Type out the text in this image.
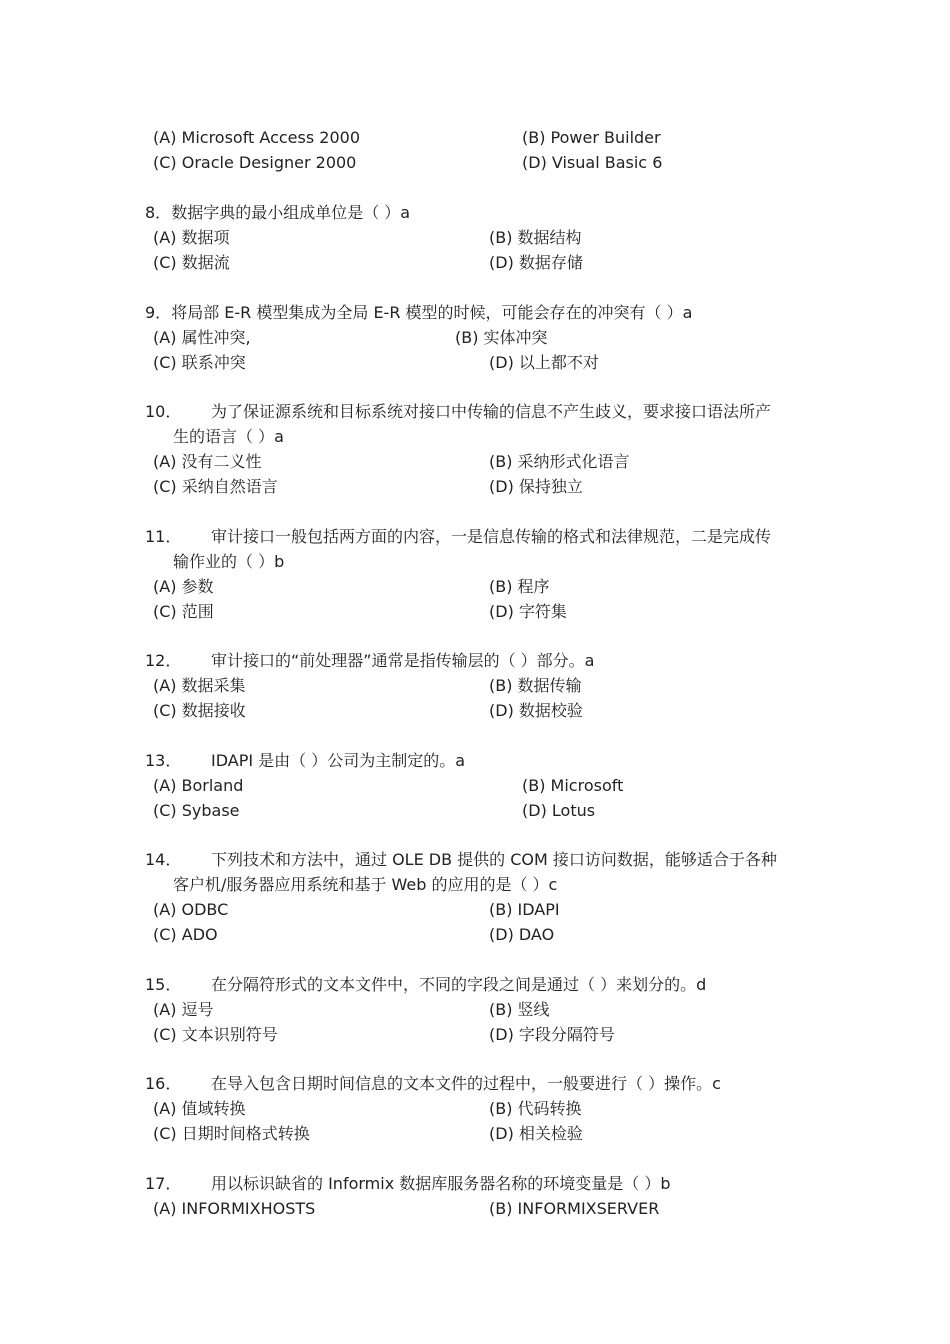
(A) Microsoft Access 2000	(B) Power Builder
(C) Oracle Designer 2000	(D) Visual Basic 6
8．数据字典的最小组成单位是（ ）a
(A) 数据项	(B) 数据结构
(C) 数据流	(D) 数据存储
9．将局部 E-R 模型集成为全局 E-R 模型的时候，可能会存在的冲突有（ ）a
(A) 属性冲突,	(B) 实体冲突
(C) 联系冲突	(D) 以上都不对
10． 为了保证源系统和目标系统对接口中传输的信息不产生歧义，要求接口语法所产
生的语言（ ）a
(A) 没有二义性	(B) 采纳形式化语言
(C) 采纳自然语言	(D) 保持独立
11． 审计接口一般包括两方面的内容，一是信息传输的格式和法律规范，二是完成传
输作业的（ ）b
(A) 参数	(B) 程序
(C) 范围	(D) 字符集
12． 审计接口的“前处理器”通常是指传输层的（ ）部分。a
(A) 数据采集	(B) 数据传输
(C) 数据接收	(D) 数据校验
13． IDAPI 是由（ ）公司为主制定的。a
(A) Borland	(B) Microsoft
(C) Sybase	(D) Lotus
14． 下列技术和方法中，通过 OLE DB 提供的 COM 接口访问数据，能够适合于各种
客户机/服务器应用系统和基于 Web 的应用的是（ ）c
(A) ODBC	(B) IDAPI
(C) ADO	(D) DAO
15． 在分隔符形式的文本文件中，不同的字段之间是通过（ ）来划分的。d
(A) 逗号	(B) 竖线
(C) 文本识别符号	(D) 字段分隔符号
16． 在导入包含日期时间信息的文本文件的过程中，一般要进行（ ）操作。c
(A) 值域转换	(B) 代码转换
(C) 日期时间格式转换	(D) 相关检验
17． 用以标识缺省的 Informix 数据库服务器名称的环境变量是（ ）b
(A) INFORMIXHOSTS	(B) INFORMIXSERVER
